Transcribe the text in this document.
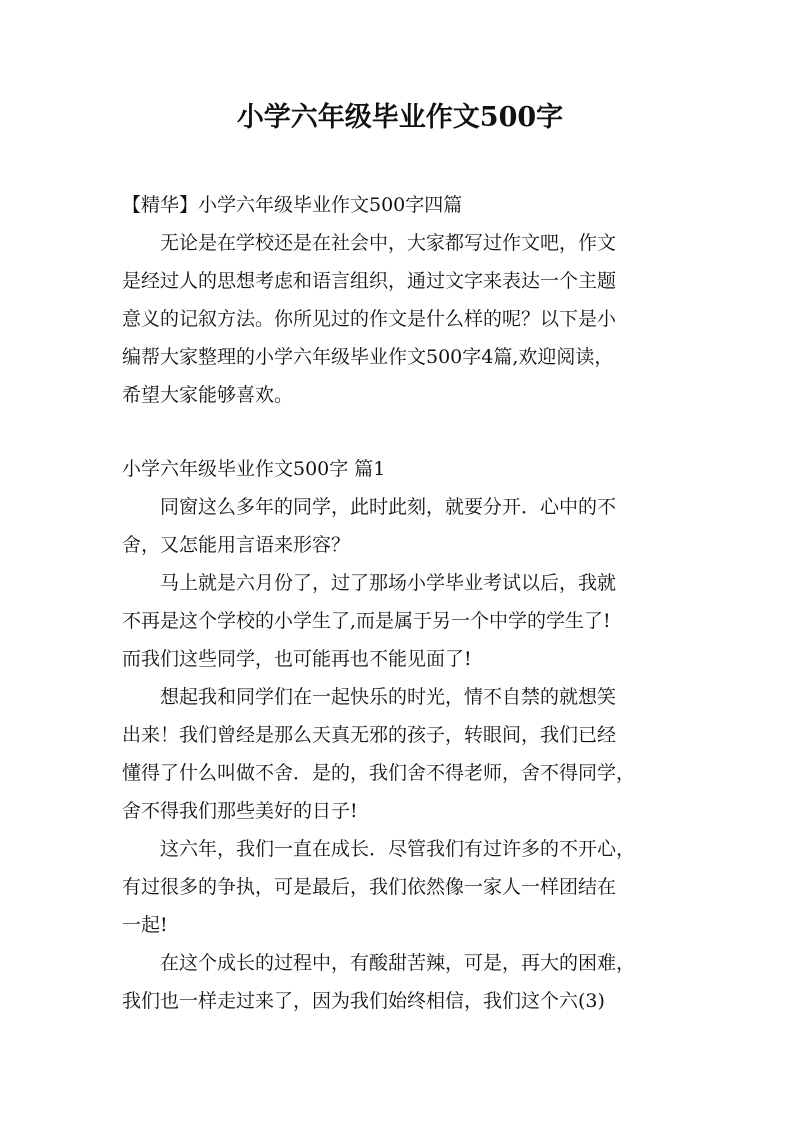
小学六年级毕业作文500字
【精华】小学六年级毕业作文500字四篇
无论是在学校还是在社会中，大家都写过作文吧，作文
是经过人的思想考虑和语言组织，通过文字来表达一个主题
意义的记叙方法。你所见过的作文是什么样的呢？以下是小
编帮大家整理的小学六年级毕业作文500字4篇,欢迎阅读，
希望大家能够喜欢。
小学六年级毕业作文500字 篇1
同窗这么多年的同学，此时此刻，就要分开．心中的不
舍，又怎能用言语来形容？
马上就是六月份了，过了那场小学毕业考试以后，我就
不再是这个学校的小学生了,而是属于另一个中学的学生了!
而我们这些同学，也可能再也不能见面了!
想起我和同学们在一起快乐的时光，情不自禁的就想笑
出来！我们曾经是那么天真无邪的孩子，转眼间，我们已经
懂得了什么叫做不舍．是的，我们舍不得老师，舍不得同学，
舍不得我们那些美好的日子!
这六年，我们一直在成长．尽管我们有过许多的不开心，
有过很多的争执，可是最后，我们依然像一家人一样团结在
一起!
在这个成长的过程中，有酸甜苦辣，可是，再大的困难，
我们也一样走过来了，因为我们始终相信，我们这个六(3)
